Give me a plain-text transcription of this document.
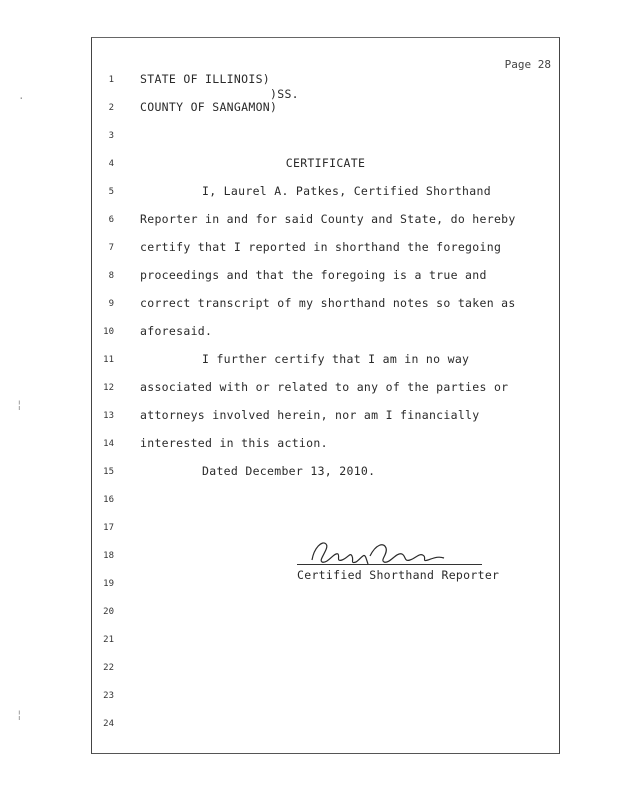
Page 28
1
2
3
4
5
6
7
8
9
10
11
12
13
14
15
16
17
18
19
20
21
22
23
24
STATE OF ILLINOIS)
)SS.
COUNTY OF SANGAMON)
CERTIFICATE
I, Laurel A. Patkes, Certified Shorthand
Reporter in and for said County and State, do hereby
certify that I reported in shorthand the foregoing
proceedings and that the foregoing is a true and
correct transcript of my shorthand notes so taken as
aforesaid.
I further certify that I am in no way
associated with or related to any of the parties or
attorneys involved herein, nor am I financially
interested in this action.
Dated December 13, 2010.
Certified Shorthand Reporter
·
¦
¦
